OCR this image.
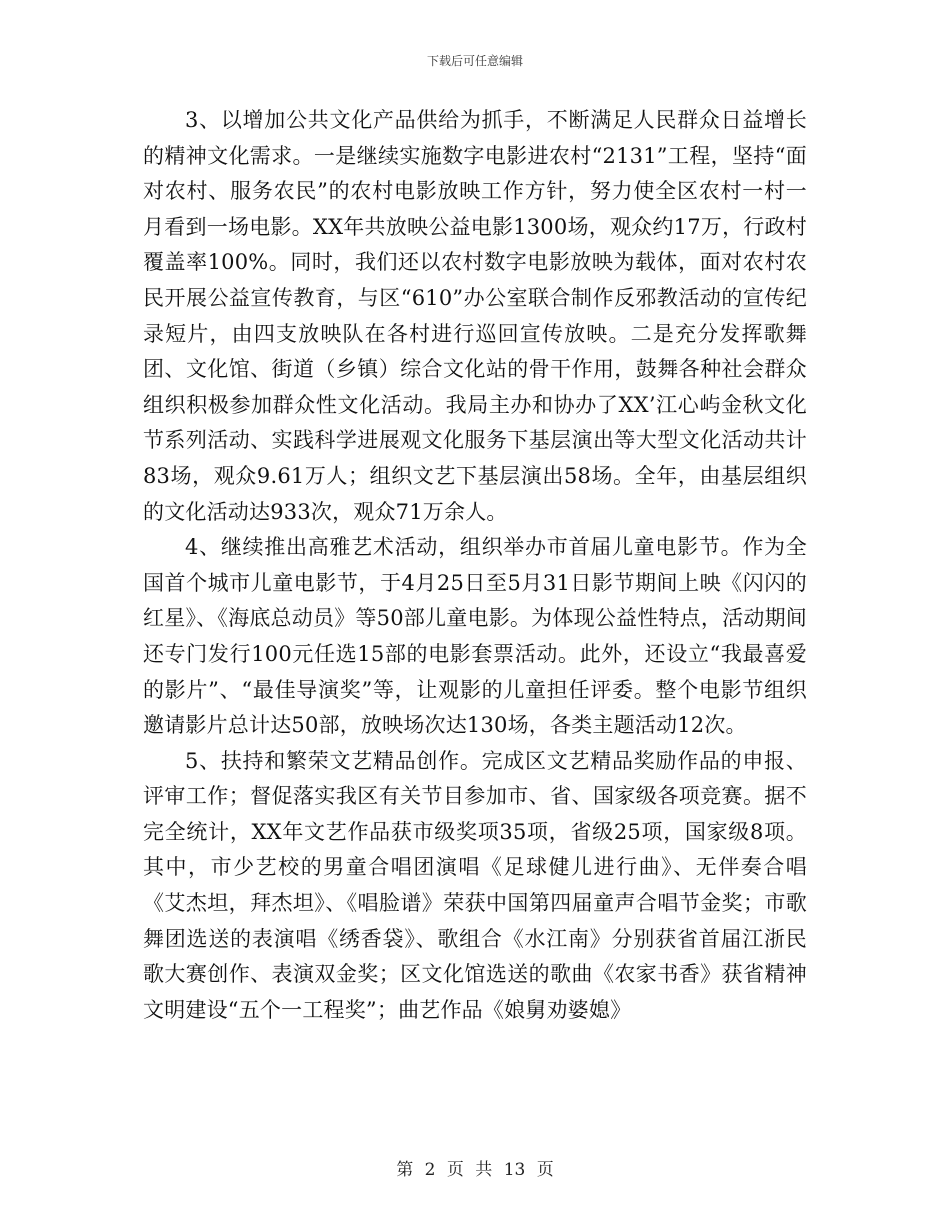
下载后可任意编辑

3、以增加公共文化产品供给为抓手，不断满足人民群众日益增长的精神文化需求。一是继续实施数字电影进农村“2131”工程，坚持“面对农村、服务农民”的农村电影放映工作方针，努力使全区农村一村一月看到一场电影。XX年共放映公益电影1300场，观众约17万，行政村覆盖率100%。同时，我们还以农村数字电影放映为载体，面对农村农民开展公益宣传教育，与区“610”办公室联合制作反邪教活动的宣传纪录短片，由四支放映队在各村进行巡回宣传放映。二是充分发挥歌舞团、文化馆、街道（乡镇）综合文化站的骨干作用，鼓舞各种社会群众组织积极参加群众性文化活动。我局主办和协办了XX’江心屿金秋文化节系列活动、实践科学进展观文化服务下基层演出等大型文化活动共计83场，观众9.61万人；组织文艺下基层演出58场。全年，由基层组织的文化活动达933次，观众71万余人。

4、继续推出高雅艺术活动，组织举办市首届儿童电影节。作为全国首个城市儿童电影节，于4月25日至5月31日影节期间上映《闪闪的红星》、《海底总动员》等50部儿童电影。为体现公益性特点，活动期间还专门发行100元任选15部的电影套票活动。此外，还设立“我最喜爱的影片”、“最佳导演奖”等，让观影的儿童担任评委。整个电影节组织邀请影片总计达50部，放映场次达130场，各类主题活动12次。

5、扶持和繁荣文艺精品创作。完成区文艺精品奖励作品的申报、评审工作；督促落实我区有关节目参加市、省、国家级各项竞赛。据不完全统计，XX年文艺作品获市级奖项35项，省级25项，国家级8项。其中，市少艺校的男童合唱团演唱《足球健儿进行曲》、无伴奏合唱《艾杰坦，拜杰坦》、《唱脸谱》荣获中国第四届童声合唱节金奖；市歌舞团选送的表演唱《绣香袋》、歌组合《水江南》分别获省首届江浙民歌大赛创作、表演双金奖；区文化馆选送的歌曲《农家书香》获省精神文明建设“五个一工程奖”；曲艺作品《娘舅劝婆媳》

第 2 页 共 13 页
